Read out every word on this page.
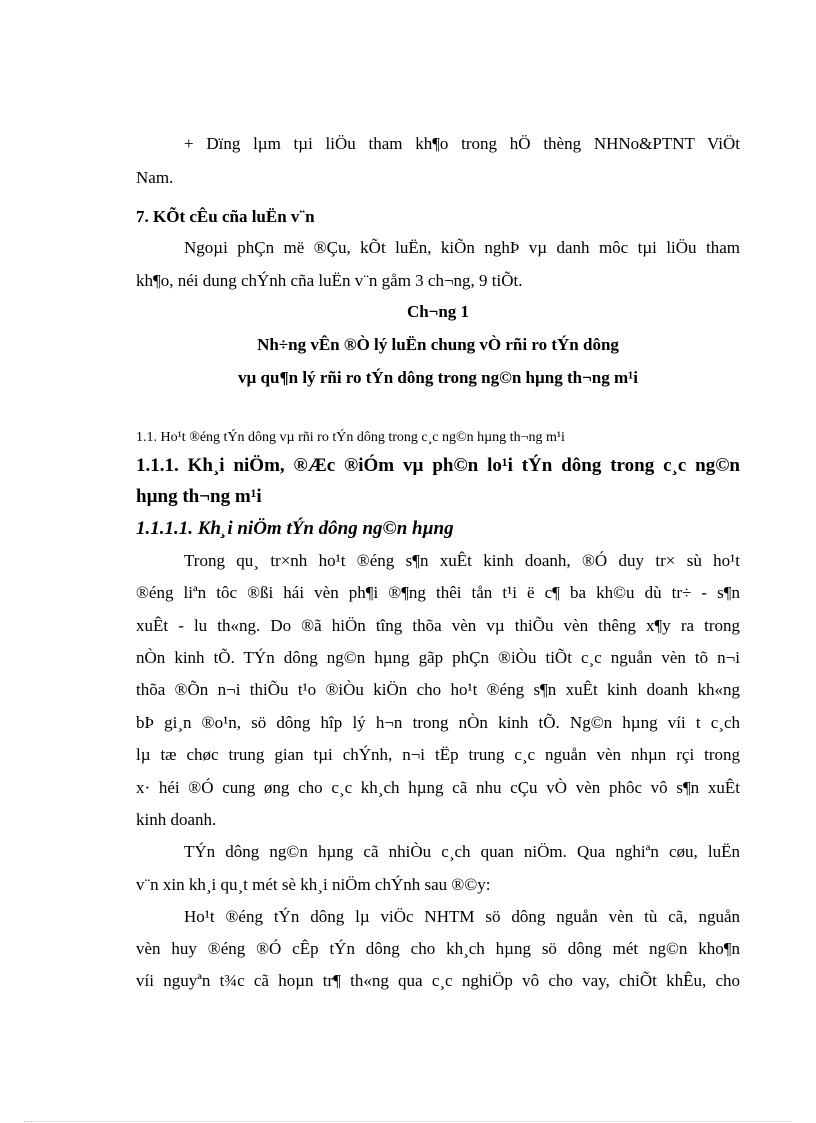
+ Dïng lµm tµi liÖu tham kh¶o trong hÖ thèng NHNo&PTNT ViÖt
Nam.
7. KÕt cÊu cña luËn v¨n
Ngoµi phÇn më ®Çu, kÕt luËn, kiÕn nghÞ vµ danh môc tµi liÖu tham
kh¶o, néi dung chÝnh cña luËn v¨n gåm 3 ch¬ng, 9 tiÕt.
Ch¬ng 1
Nh÷ng vÊn ®Ò lý luËn chung vÒ rñi ro tÝn dông
vµ qu¶n lý rñi ro tÝn dông trong ng©n hµng th¬ng m¹i
1.1. Ho¹t ®éng tÝn dông vµ rñi ro tÝn dông trong c¸c ng©n hµng th¬ng m¹i
1.1.1. Kh¸i niÖm, ®Æc ®iÓm vµ ph©n lo¹i tÝn dông trong c¸c ng©n
hµng th¬ng m¹i
1.1.1.1. Kh¸i niÖm tÝn dông ng©n hµng
Trong qu¸ tr×nh ho¹t ®éng s¶n xuÊt kinh doanh, ®Ó duy tr× sù ho¹t
®éng liªn tôc ®ßi hái vèn ph¶i ®¶ng thêi tån t¹i ë c¶ ba kh©u dù tr÷ - s¶n
xuÊt - lu th«ng. Do ®ã hiÖn tîng thõa vèn vµ thiÕu vèn thêng x¶y ra trong
nÒn kinh tÕ. TÝn dông ng©n hµng gãp phÇn ®iÒu tiÕt c¸c nguån vèn tõ n¬i
thõa ®Õn n¬i thiÕu t¹o ®iÒu kiÖn cho ho¹t ®éng s¶n xuÊt kinh doanh kh«ng
bÞ gi¸n ®o¹n, sö dông hîp lý h¬n trong nÒn kinh tÕ. Ng©n hµng víi t c¸ch
lµ tæ chøc trung gian tµi chÝnh, n¬i tËp trung c¸c nguån vèn nhµn rçi trong
x· héi ®Ó cung øng cho c¸c kh¸ch hµng cã nhu cÇu vÒ vèn phôc vô s¶n xuÊt
kinh doanh.
TÝn dông ng©n hµng cã nhiÒu c¸ch quan niÖm. Qua nghiªn cøu, luËn
v¨n xin kh¸i qu¸t mét sè kh¸i niÖm chÝnh sau ®©y:
Ho¹t ®éng tÝn dông lµ viÖc NHTM sö dông nguån vèn tù cã, nguån
vèn huy ®éng ®Ó cÊp tÝn dông cho kh¸ch hµng sö dông mét ng©n kho¶n
víi nguyªn t¾c cã hoµn tr¶ th«ng qua c¸c nghiÖp vô cho vay, chiÕt khÊu, cho
